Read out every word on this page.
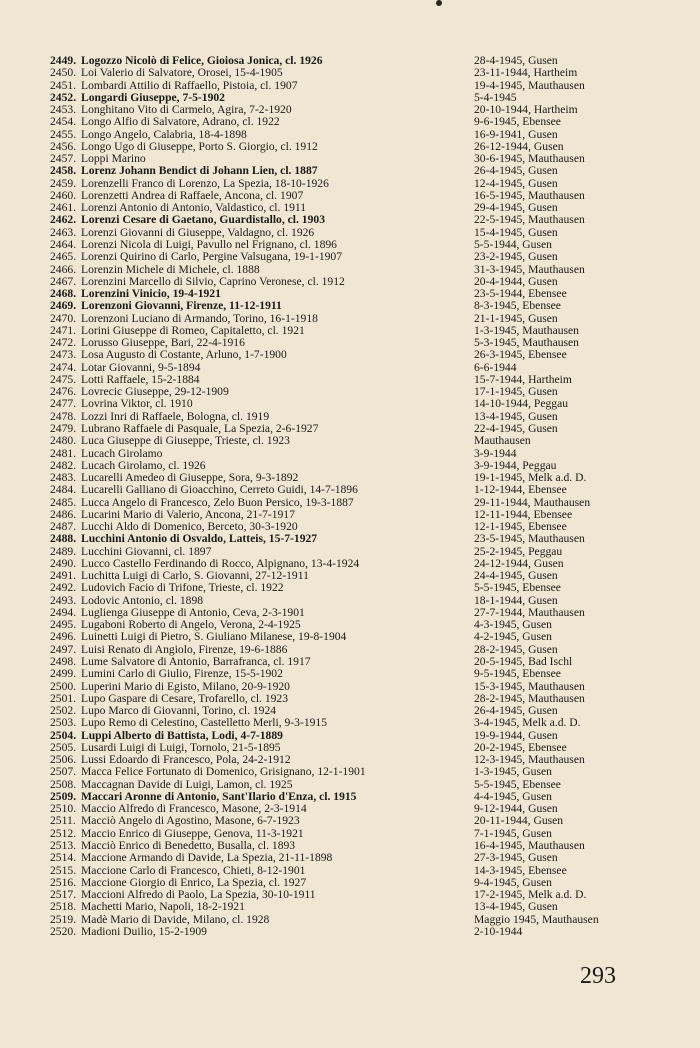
2449. Logozzo Nicolò di Felice, Gioiosa Jonica, cl. 1926	28-4-1945, Gusen
2450. Loi Valerio di Salvatore, Orosei, 15-4-1905	23-11-1944, Hartheim
2451. Lombardi Attilio di Raffaello, Pistoia, cl. 1907	19-4-1945, Mauthausen
2452. Longardi Giuseppe, 7-5-1902	5-4-1945
2453. Longhitano Vito di Carmelo, Agira, 7-2-1920	20-10-1944, Hartheim
2454. Longo Alfio di Salvatore, Adrano, cl. 1922	9-6-1945, Ebensee
2455. Longo Angelo, Calabria, 18-4-1898	16-9-1941, Gusen
2456. Longo Ugo di Giuseppe, Porto S. Giorgio, cl. 1912	26-12-1944, Gusen
2457. Loppi Marino	30-6-1945, Mauthausen
2458. Lorenz Johann Bendict di Johann Lien, cl. 1887	26-4-1945, Gusen
2459. Lorenzelli Franco di Lorenzo, La Spezia, 18-10-1926	12-4-1945, Gusen
2460. Lorenzetti Andrea di Raffaele, Ancona, cl. 1907	16-5-1945, Mauthausen
2461. Lorenzi Antonio di Antonio, Valdastico, cl. 1911	29-4-1945, Gusen
2462. Lorenzi Cesare di Gaetano, Guardistallo, cl. 1903	22-5-1945, Mauthausen
2463. Lorenzi Giovanni di Giuseppe, Valdagno, cl. 1926	15-4-1945, Gusen
2464. Lorenzi Nicola di Luigi, Pavullo nel Frignano, cl. 1896	5-5-1944, Gusen
2465. Lorenzi Quirino di Carlo, Pergine Valsugana, 19-1-1907	23-2-1945, Gusen
2466. Lorenzin Michele di Michele, cl. 1888	31-3-1945, Mauthausen
2467. Lorenzini Marcello di Silvio, Caprino Veronese, cl. 1912	20-4-1944, Gusen
2468. Lorenzini Vinicio, 19-4-1921	23-5-1944, Ebensee
2469. Lorenzoni Giovanni, Firenze, 11-12-1911	8-3-1945, Ebensee
2470. Lorenzoni Luciano di Armando, Torino, 16-1-1918	21-1-1945, Gusen
2471. Lorini Giuseppe di Romeo, Capitaletto, cl. 1921	1-3-1945, Mauthausen
2472. Lorusso Giuseppe, Bari, 22-4-1916	5-3-1945, Mauthausen
2473. Losa Augusto di Costante, Arluno, 1-7-1900	26-3-1945, Ebensee
2474. Lotar Giovanni, 9-5-1894	6-6-1944
2475. Lotti Raffaele, 15-2-1884	15-7-1944, Hartheim
2476. Lovrecic Giuseppe, 29-12-1909	17-1-1945, Gusen
2477. Lovrina Viktor, cl. 1910	14-10-1944, Peggau
2478. Lozzi Inri di Raffaele, Bologna, cl. 1919	13-4-1945, Gusen
2479. Lubrano Raffaele di Pasquale, La Spezia, 2-6-1927	22-4-1945, Gusen
2480. Luca Giuseppe di Giuseppe, Trieste, cl. 1923	Mauthausen
2481. Lucach Girolamo	3-9-1944
2482. Lucach Girolamo, cl. 1926	3-9-1944, Peggau
2483. Lucarelli Amedeo di Giuseppe, Sora, 9-3-1892	19-1-1945, Melk a.d. D.
2484. Lucarelli Galliano di Gioacchino, Cerreto Guidi, 14-7-1896	1-12-1944, Ebensee
2485. Lucca Angelo di Francesco, Zelo Buon Persico, 19-3-1887	29-11-1944, Mauthausen
2486. Lucarini Mario di Valerio, Ancona, 21-7-1917	12-11-1944, Ebensee
2487. Lucchi Aldo di Domenico, Berceto, 30-3-1920	12-1-1945, Ebensee
2488. Lucchini Antonio di Osvaldo, Latteis, 15-7-1927	23-5-1945, Mauthausen
2489. Lucchini Giovanni, cl. 1897	25-2-1945, Peggau
2490. Lucco Castello Ferdinando di Rocco, Alpignano, 13-4-1924	24-12-1944, Gusen
2491. Luchitta Luigi di Carlo, S. Giovanni, 27-12-1911	24-4-1945, Gusen
2492. Ludovich Facio di Trifone, Trieste, cl. 1922	5-5-1945, Ebensee
2493. Lodovic Antonio, cl. 1898	18-1-1944, Gusen
2494. Luglienga Giuseppe di Antonio, Ceva, 2-3-1901	27-7-1944, Mauthausen
2495. Lugaboni Roberto di Angelo, Verona, 2-4-1925	4-3-1945, Gusen
2496. Luinetti Luigi di Pietro, S. Giuliano Milanese, 19-8-1904	4-2-1945, Gusen
2497. Luisi Renato di Angiolo, Firenze, 19-6-1886	28-2-1945, Gusen
2498. Lume Salvatore di Antonio, Barrafranca, cl. 1917	20-5-1945, Bad Ischl
2499. Lumini Carlo di Giulio, Firenze, 15-5-1902	9-5-1945, Ebensee
2500. Luperini Mario di Egisto, Milano, 20-9-1920	15-3-1945, Mauthausen
2501. Lupo Gaspare di Cesare, Trofarello, cl. 1923	28-2-1945, Mauthausen
2502. Lupo Marco di Giovanni, Torino, cl. 1924	26-4-1945, Gusen
2503. Lupo Remo di Celestino, Castelletto Merli, 9-3-1915	3-4-1945, Melk a.d. D.
2504. Luppi Alberto di Battista, Lodi, 4-7-1889	19-9-1944, Gusen
2505. Lusardi Luigi di Luigi, Tornolo, 21-5-1895	20-2-1945, Ebensee
2506. Lussi Edoardo di Francesco, Pola, 24-2-1912	12-3-1945, Mauthausen
2507. Macca Felice Fortunato di Domenico, Grisignano, 12-1-1901	1-3-1945, Gusen
2508. Maccagnan Davide di Luigi, Lamon, cl. 1925	5-5-1945, Ebensee
2509. Maccari Aronne di Antonio, Sant'Ilario d'Enza, cl. 1915	4-4-1945, Gusen
2510. Maccio Alfredo di Francesco, Masone, 2-3-1914	9-12-1944, Gusen
2511. Macciò Angelo di Agostino, Masone, 6-7-1923	20-11-1944, Gusen
2512. Maccio Enrico di Giuseppe, Genova, 11-3-1921	7-1-1945, Gusen
2513. Macciò Enrico di Benedetto, Busalla, cl. 1893	16-4-1945, Mauthausen
2514. Maccione Armando di Davide, La Spezia, 21-11-1898	27-3-1945, Gusen
2515. Maccione Carlo di Francesco, Chieti, 8-12-1901	14-3-1945, Ebensee
2516. Maccione Giorgio di Enrico, La Spezia, cl. 1927	9-4-1945, Gusen
2517. Maccioni Alfredo di Paolo, La Spezia, 30-10-1911	17-2-1945, Melk a.d. D.
2518. Machetti Mario, Napoli, 18-2-1921	13-4-1945, Gusen
2519. Madè Mario di Davide, Milano, cl. 1928	Maggio 1945, Mauthausen
2520. Madioni Duilio, 15-2-1909	2-10-1944
293
